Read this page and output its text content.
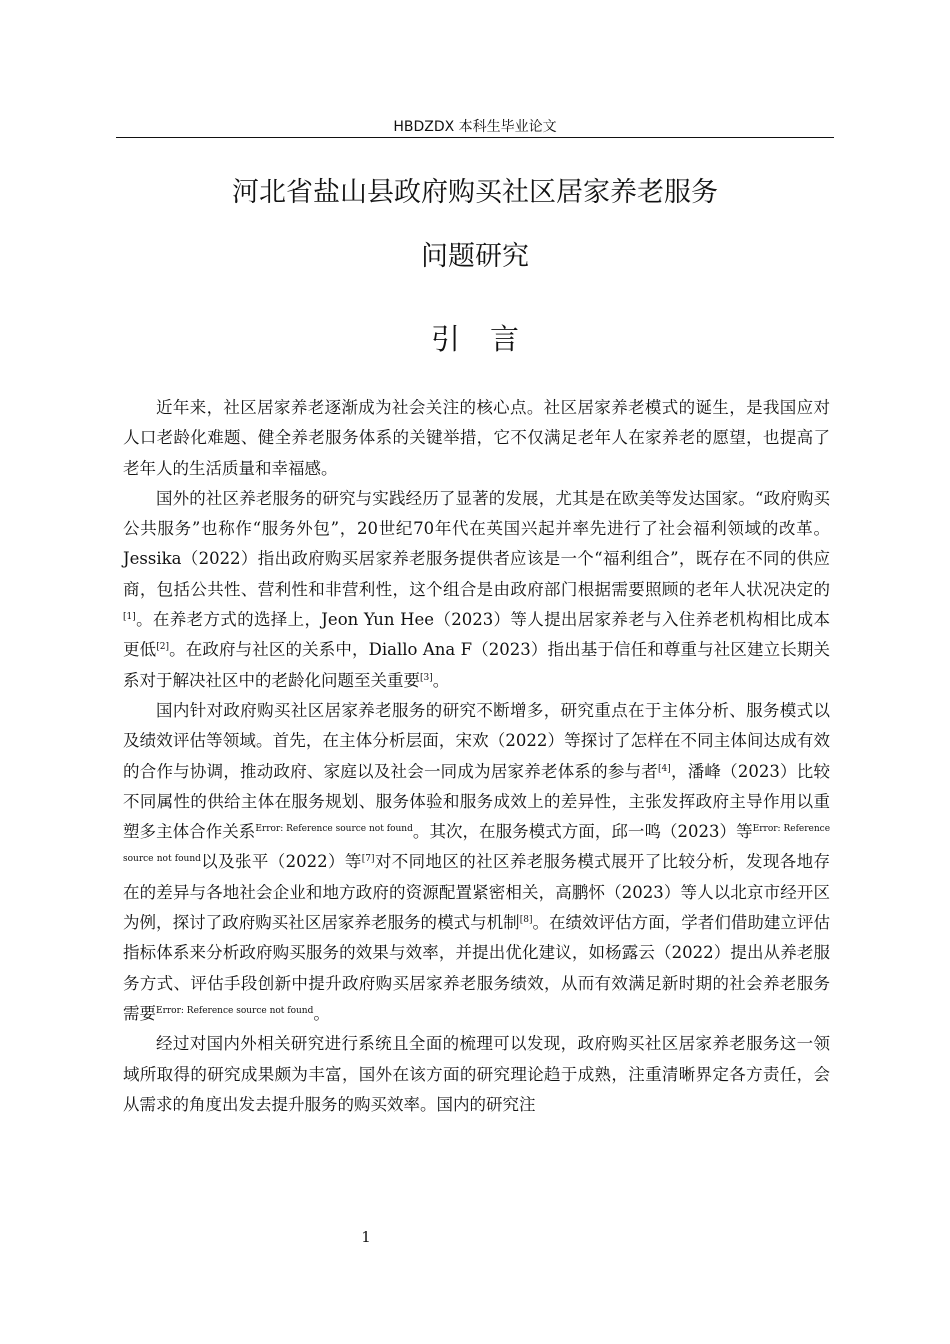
HBDZDX 本科生毕业论文
河北省盐山县政府购买社区居家养老服务
问题研究
引言

近年来，社区居家养老逐渐成为社会关注的核心点。社区居家养老模式的诞生，是我国应对人口老龄化难题、健全养老服务体系的关键举措，它不仅满足老年人在家养老的愿望，也提高了老年人的生活质量和幸福感。

国外的社区养老服务的研究与实践经历了显著的发展，尤其是在欧美等发达国家。“政府购买公共服务”也称作“服务外包”，20世纪70年代在英国兴起并率先进行了社会福利领域的改革。Jessika（2022）指出政府购买居家养老服务提供者应该是一个“福利组合”，既存在不同的供应商，包括公共性、营利性和非营利性，这个组合是由政府部门根据需要照顾的老年人状况决定的[1]。在养老方式的选择上，Jeon Yun Hee（2023）等人提出居家养老与入住养老机构相比成本更低[2]。在政府与社区的关系中，Diallo Ana F（2023）指出基于信任和尊重与社区建立长期关系对于解决社区中的老龄化问题至关重要[3]。

国内针对政府购买社区居家养老服务的研究不断增多，研究重点在于主体分析、服务模式以及绩效评估等领域。首先，在主体分析层面，宋欢（2022）等探讨了怎样在不同主体间达成有效的合作与协调，推动政府、家庭以及社会一同成为居家养老体系的参与者[4]，潘峰（2023）比较不同属性的供给主体在服务规划、服务体验和服务成效上的差异性，主张发挥政府主导作用以重塑多主体合作关系$^{Error: Reference source not found}$。其次，在服务模式方面，邱一鸣（2023）等$^{Error: Reference source not found}$以及张平（2022）等[7]对不同地区的社区养老服务模式展开了比较分析，发现各地存在的差异与各地社会企业和地方政府的资源配置紧密相关，高鹏怀（2023）等人以北京市经开区为例，探讨了政府购买社区居家养老服务的模式与机制[8]。在绩效评估方面，学者们借助建立评估指标体系来分析政府购买服务的效果与效率，并提出优化建议，如杨露云（2022）提出从养老服务方式、评估手段创新中提升政府购买居家养老服务绩效，从而有效满足新时期的社会养老服务需要$^{Error: Reference source not found}$。

经过对国内外相关研究进行系统且全面的梳理可以发现，政府购买社区居家养老服务这一领域所取得的研究成果颇为丰富，国外在该方面的研究理论趋于成熟，注重清晰界定各方责任，会从需求的角度出发去提升服务的购买效率。国内的研究注

1
